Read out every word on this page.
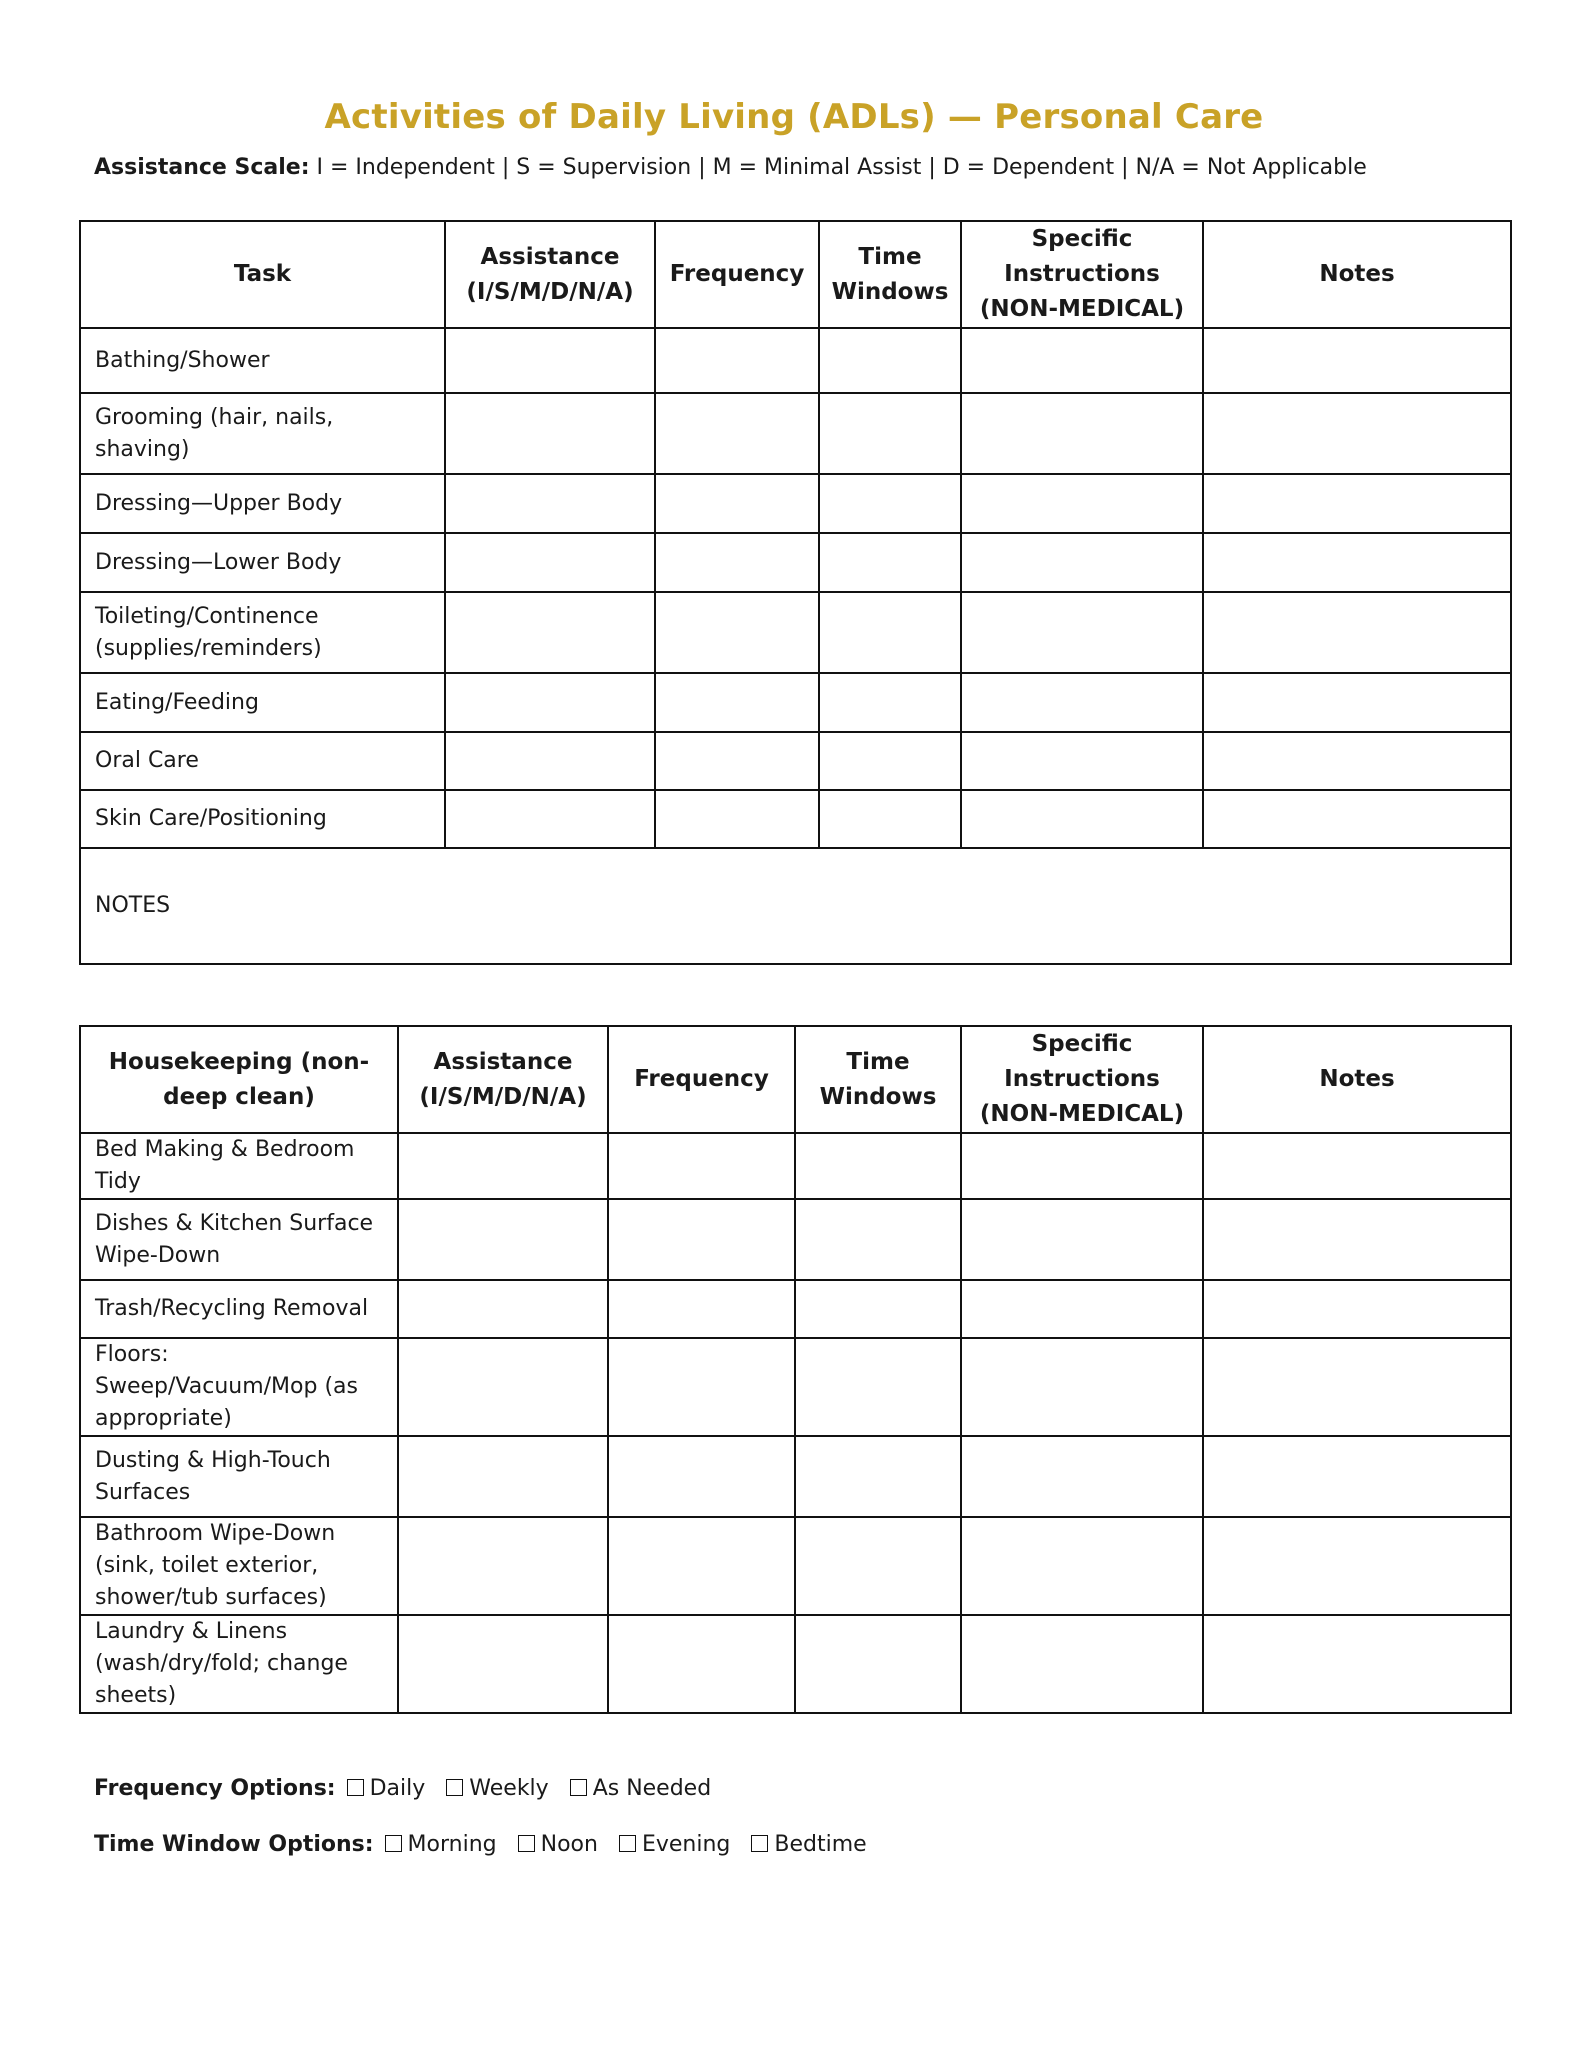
Activities of Daily Living (ADLs) — Personal Care
Assistance Scale: I = Independent | S = Supervision | M = Minimal Assist | D = Dependent | N/A = Not Applicable
Task	Assistance (I/S/M/D/N/A)	Frequency	Time Windows	Specific Instructions (NON-MEDICAL)	Notes
Bathing/Shower					
Grooming (hair, nails, shaving)					
Dressing—Upper Body					
Dressing—Lower Body					
Toileting/Continence (supplies/reminders)					
Eating/Feeding					
Oral Care					
Skin Care/Positioning					
NOTES					
Housekeeping (non-deep clean)	Assistance (I/S/M/D/N/A)	Frequency	Time Windows	Specific Instructions (NON-MEDICAL)	Notes
Bed Making & Bedroom Tidy					
Dishes & Kitchen Surface Wipe-Down					
Trash/Recycling Removal					
Floors: Sweep/Vacuum/Mop (as appropriate)					
Dusting & High-Touch Surfaces					
Bathroom Wipe-Down (sink, toilet exterior, shower/tub surfaces)					
Laundry & Linens (wash/dry/fold; change sheets)					
Frequency Options: Daily Weekly As Needed
Time Window Options: Morning Noon Evening Bedtime
